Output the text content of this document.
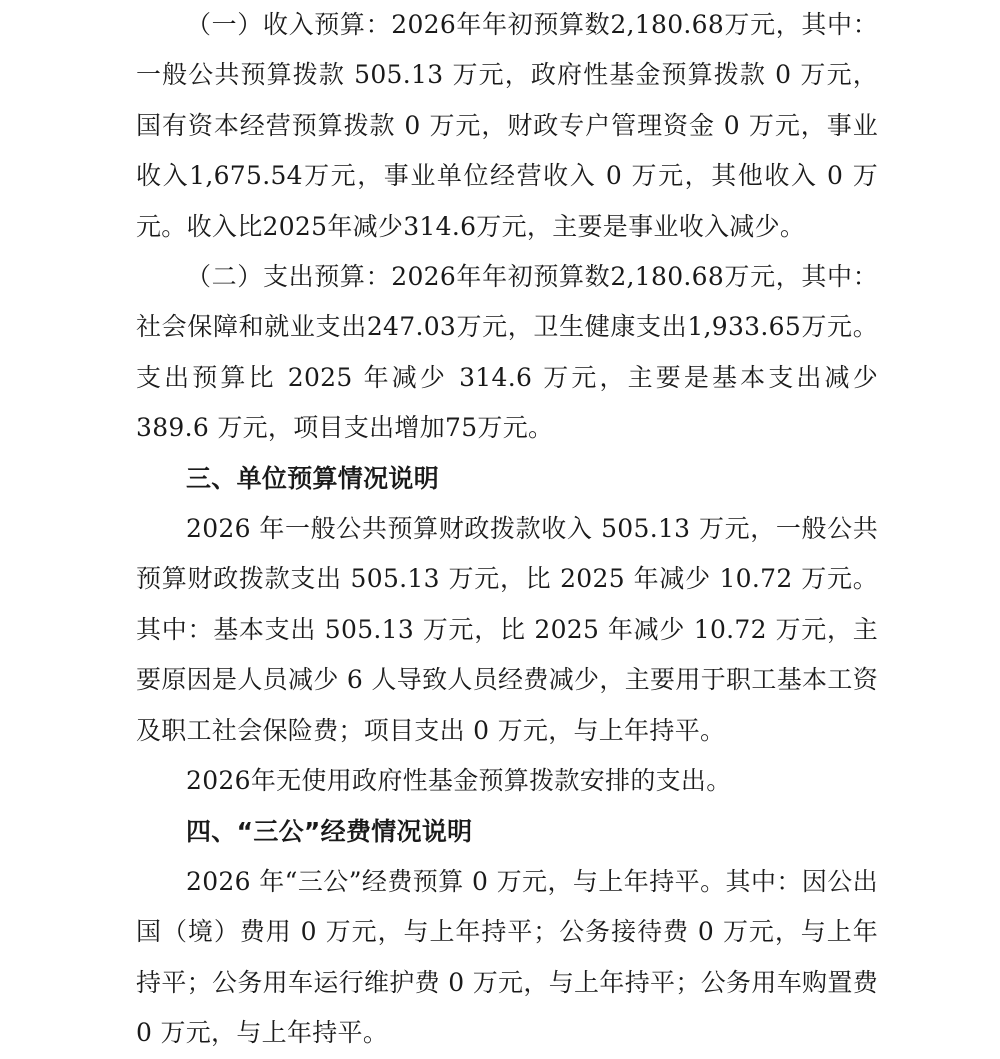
（一）收入预算：2026年年初预算数2,180.68万元，其中：一般公共预算拨款 505.13 万元，政府性基金预算拨款 0 万元，国有资本经营预算拨款 0 万元，财政专户管理资金 0 万元，事业收入1,675.54万元，事业单位经营收入 0 万元，其他收入 0 万元。收入比2025年减少314.6万元，主要是事业收入减少。

（二）支出预算：2026年年初预算数2,180.68万元，其中：社会保障和就业支出247.03万元，卫生健康支出1,933.65万元。支出预算比 2025 年减少 314.6 万元，主要是基本支出减少 389.6 万元，项目支出增加75万元。

三、单位预算情况说明

2026 年一般公共预算财政拨款收入 505.13 万元，一般公共预算财政拨款支出 505.13 万元，比 2025 年减少 10.72 万元。其中：基本支出 505.13 万元，比 2025 年减少 10.72 万元，主要原因是人员减少 6 人导致人员经费减少，主要用于职工基本工资及职工社会保险费；项目支出 0 万元，与上年持平。

2026年无使用政府性基金预算拨款安排的支出。

四、“三公”经费情况说明

2026 年“三公”经费预算 0 万元，与上年持平。其中：因公出国（境）费用 0 万元，与上年持平；公务接待费 0 万元，与上年持平；公务用车运行维护费 0 万元，与上年持平；公务用车购置费 0 万元，与上年持平。
